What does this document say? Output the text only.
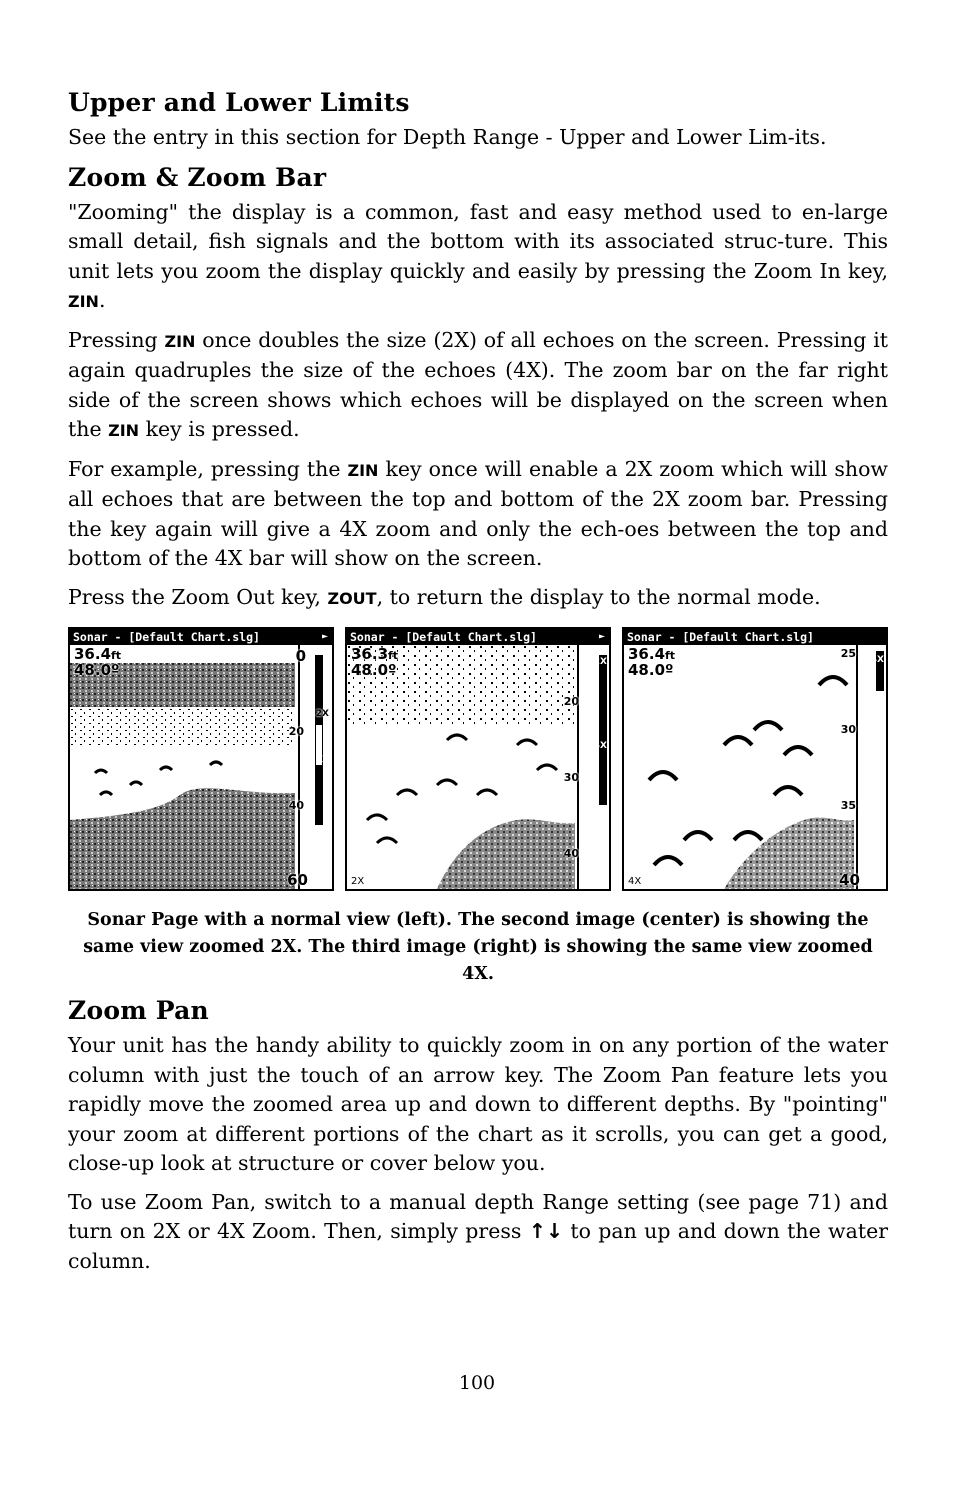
Upper and Lower Limits

See the entry in this section for Depth Range - Upper and Lower Lim-its.

Zoom & Zoom Bar

"Zooming" the display is a common, fast and easy method used to en-large small detail, fish signals and the bottom with its associated struc-ture. This unit lets you zoom the display quickly and easily by pressing the Zoom In key, ZIN.

Pressing ZIN once doubles the size (2X) of all echoes on the screen. Pressing it again quadruples the size of the echoes (4X). The zoom bar on the far right side of the screen shows which echoes will be displayed on the screen when the ZIN key is pressed.

For example, pressing the ZIN key once will enable a 2X zoom which will show all echoes that are between the top and bottom of the 2X zoom bar. Pressing the key again will give a 4X zoom and only the ech-oes between the top and bottom of the 4X bar will show on the screen.

Press the Zoom Out key, ZOUT, to return the display to the normal mode.

Sonar - [Default Chart.slg]	►
36.4ft
48.0º
0
20
40
60
2X
4X
Sonar - [Default Chart.slg]	►
36.3ft
48.0º
20
30
40
2X
4X
2X
Sonar - [Default Chart.slg]
36.4ft
48.0º
25
30
35
40
4X
4X
Sonar Page with a normal view (left). The second image (center) is showing the same view zoomed 2X. The third image (right) is showing the same view zoomed 4X.
Zoom Pan

Your unit has the handy ability to quickly zoom in on any portion of the water column with just the touch of an arrow key. The Zoom Pan feature lets you rapidly move the zoomed area up and down to different depths. By "pointing" your zoom at different portions of the chart as it scrolls, you can get a good, close-up look at structure or cover below you.

To use Zoom Pan, switch to a manual depth Range setting (see page 71) and turn on 2X or 4X Zoom. Then, simply press ↑↓ to pan up and down the water column.

100
